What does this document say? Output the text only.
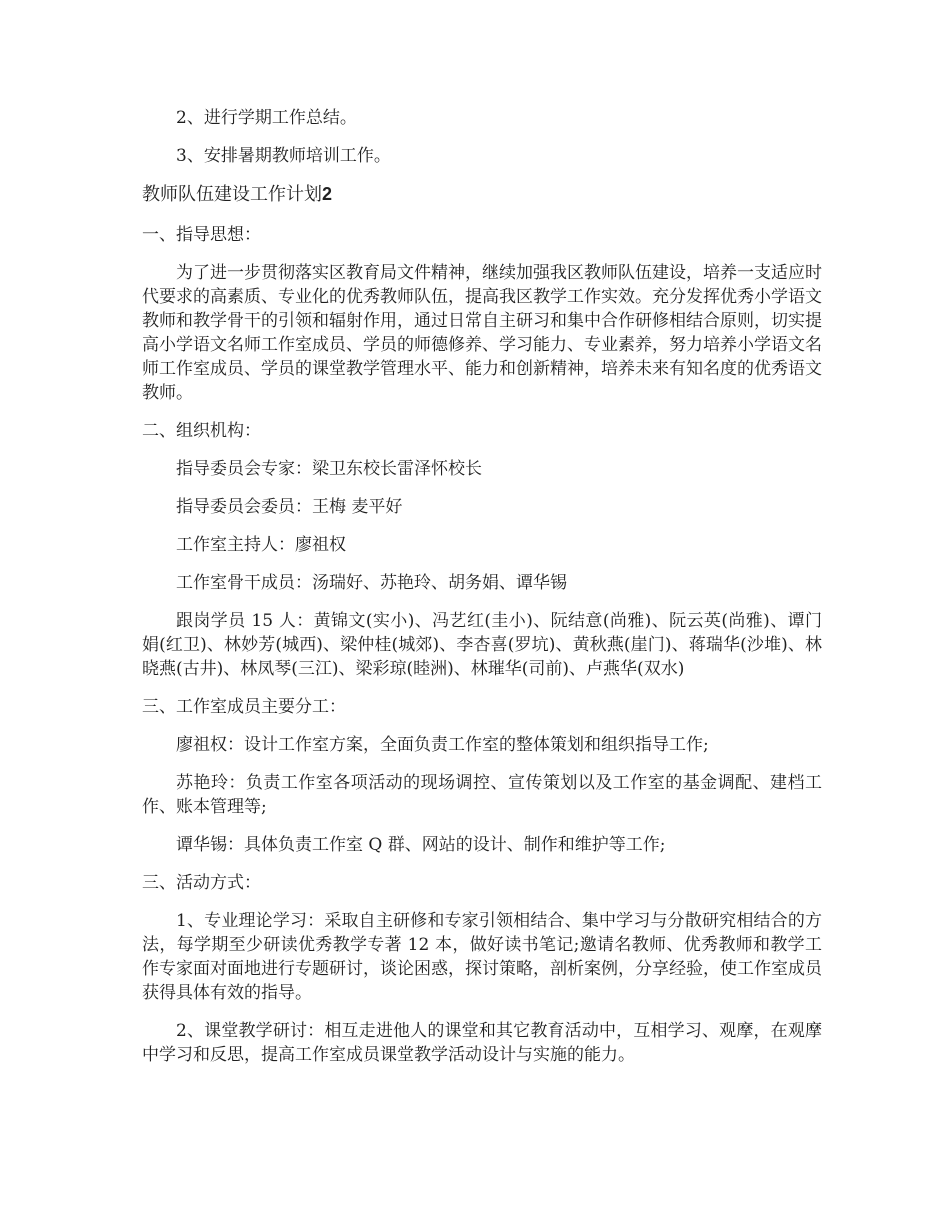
2、进行学期工作总结。

3、安排暑期教师培训工作。

教师队伍建设工作计划2

一、指导思想：

为了进一步贯彻落实区教育局文件精神，继续加强我区教师队伍建设，培养一支适应时代要求的高素质、专业化的优秀教师队伍，提高我区教学工作实效。充分发挥优秀小学语文教师和教学骨干的引领和辐射作用，通过日常自主研习和集中合作研修相结合原则，切实提高小学语文名师工作室成员、学员的师德修养、学习能力、专业素养，努力培养小学语文名师工作室成员、学员的课堂教学管理水平、能力和创新精神，培养未来有知名度的优秀语文教师。

二、组织机构：

指导委员会专家：梁卫东校长雷泽怀校长

指导委员会委员：王梅 麦平好

工作室主持人：廖祖权

工作室骨干成员：汤瑞好、苏艳玲、胡务娟、谭华锡

跟岗学员 15 人：黄锦文(实小)、冯艺红(圭小)、阮结意(尚雅)、阮云英(尚雅)、谭门娟(红卫)、林妙芳(城西)、梁仲桂(城郊)、李杏喜(罗坑)、黄秋燕(崖门)、蒋瑞华(沙堆)、林晓燕(古井)、林凤琴(三江)、梁彩琼(睦洲)、林璀华(司前)、卢燕华(双水)

三、工作室成员主要分工：

廖祖权：设计工作室方案，全面负责工作室的整体策划和组织指导工作;

苏艳玲：负责工作室各项活动的现场调控、宣传策划以及工作室的基金调配、建档工作、账本管理等;

谭华锡：具体负责工作室 Q 群、网站的设计、制作和维护等工作;

三、活动方式：

1、专业理论学习：采取自主研修和专家引领相结合、集中学习与分散研究相结合的方法，每学期至少研读优秀教学专著 12 本，做好读书笔记;邀请名教师、优秀教师和教学工作专家面对面地进行专题研讨，谈论困惑，探讨策略，剖析案例，分享经验，使工作室成员获得具体有效的指导。

2、课堂教学研讨：相互走进他人的课堂和其它教育活动中，互相学习、观摩，在观摩中学习和反思，提高工作室成员课堂教学活动设计与实施的能力。
